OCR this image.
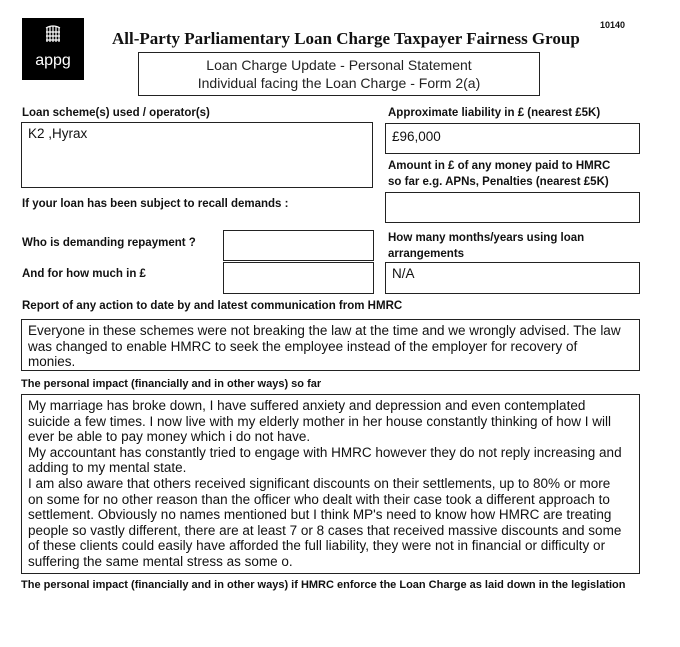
appg
10140
All-Party Parliamentary Loan Charge Taxpayer Fairness Group
Loan Charge Update - Personal Statement
Individual facing the Loan Charge - Form 2(a)
Loan scheme(s) used / operator(s)
K2 ,Hyrax
Approximate liability in £ (nearest £5K)
£96,000
Amount in £ of any money paid to HMRC
so far e.g. APNs, Penalties (nearest £5K)
If your loan has been subject to recall demands :
Who is demanding repayment ?
And for how much in £
How many months/years using loan
arrangements
N/A
Report of any action to date by and latest communication from HMRC
Everyone in these schemes were not breaking the law at the time and we wrongly advised. The law
was changed to enable HMRC to seek the employee instead of the employer for recovery of
monies.
The personal impact (financially and in other ways) so far
My marriage has broke down, I have suffered anxiety and depression and even contemplated
suicide a few times. I now live with my elderly mother in her house constantly thinking of how I will
ever be able to pay money which i do not have.
My accountant has constantly tried to engage with HMRC however they do not reply increasing and
adding to my mental state.
I am also aware that others received significant discounts on their settlements, up to 80% or more
on some for no other reason than the officer who dealt with their case took a different approach to
settlement. Obviously no names mentioned but I think MP's need to know how HMRC are treating
people so vastly different, there are at least 7 or 8 cases that received massive discounts and some
of these clients could easily have afforded the full liability, they were not in financial or difficulty or
suffering the same mental stress as some o.
The personal impact (financially and in other ways) if HMRC enforce the Loan Charge as laid down in the legislation
